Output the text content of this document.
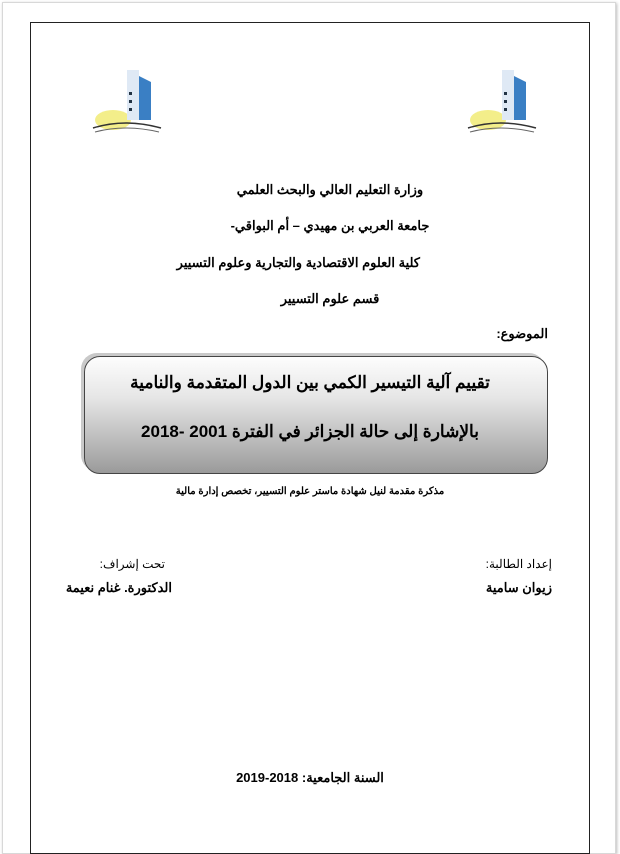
وزارة التعليم العالي والبحث العلمي
جامعة العربي بن مهيدي – أم البواقي-
كلية العلوم الاقتصادية والتجارية وعلوم التسيير
قسم علوم التسيير
الموضوع:
تقييم آلية التيسير الكمي بين الدول المتقدمة والنامية
بالإشارة إلى حالة الجزائر في الفترة 2001 -2018
مذكرة مقدمة لنيل شهادة ماستر علوم التسيير، تخصص إدارة مالية
إعداد الطالبة:
زيوان سامية
تحت إشراف:
الدكتورة. غنام نعيمة
السنة الجامعية: 2018-2019
